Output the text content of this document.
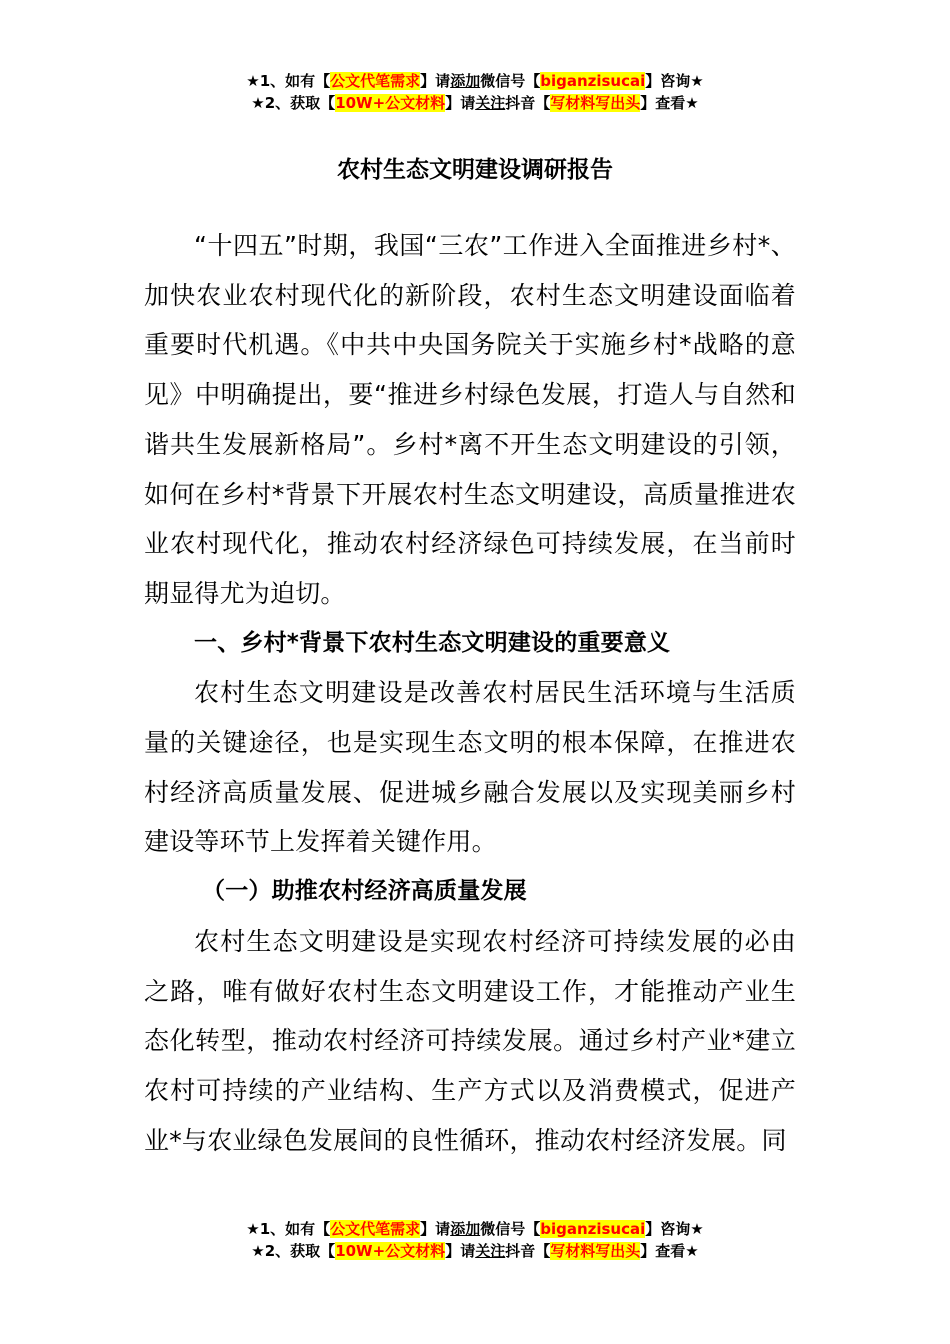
★1、如有【公文代笔需求】请添加微信号【biganzisucai】咨询★
★2、获取【10W+公文材料】请关注抖音【写材料写出头】查看★
农村生态文明建设调研报告

“十四五”时期，我国“三农”工作进入全面推进乡村*、加快农业农村现代化的新阶段，农村生态文明建设面临着重要时代机遇。《中共中央国务院关于实施乡村*战略的意见》中明确提出，要“推进乡村绿色发展，打造人与自然和谐共生发展新格局”。乡村*离不开生态文明建设的引领，如何在乡村*背景下开展农村生态文明建设，高质量推进农业农村现代化，推动农村经济绿色可持续发展，在当前时期显得尤为迫切。

一、乡村*背景下农村生态文明建设的重要意义

农村生态文明建设是改善农村居民生活环境与生活质量的关键途径，也是实现生态文明的根本保障，在推进农村经济高质量发展、促进城乡融合发展以及实现美丽乡村建设等环节上发挥着关键作用。

（一）助推农村经济高质量发展

农村生态文明建设是实现农村经济可持续发展的必由之路，唯有做好农村生态文明建设工作，才能推动产业生态化转型，推动农村经济可持续发展。通过乡村产业*建立农村可持续的产业结构、生产方式以及消费模式，促进产业*与农业绿色发展间的良性循环，推动农村经济发展。同

★1、如有【公文代笔需求】请添加微信号【biganzisucai】咨询★
★2、获取【10W+公文材料】请关注抖音【写材料写出头】查看★
